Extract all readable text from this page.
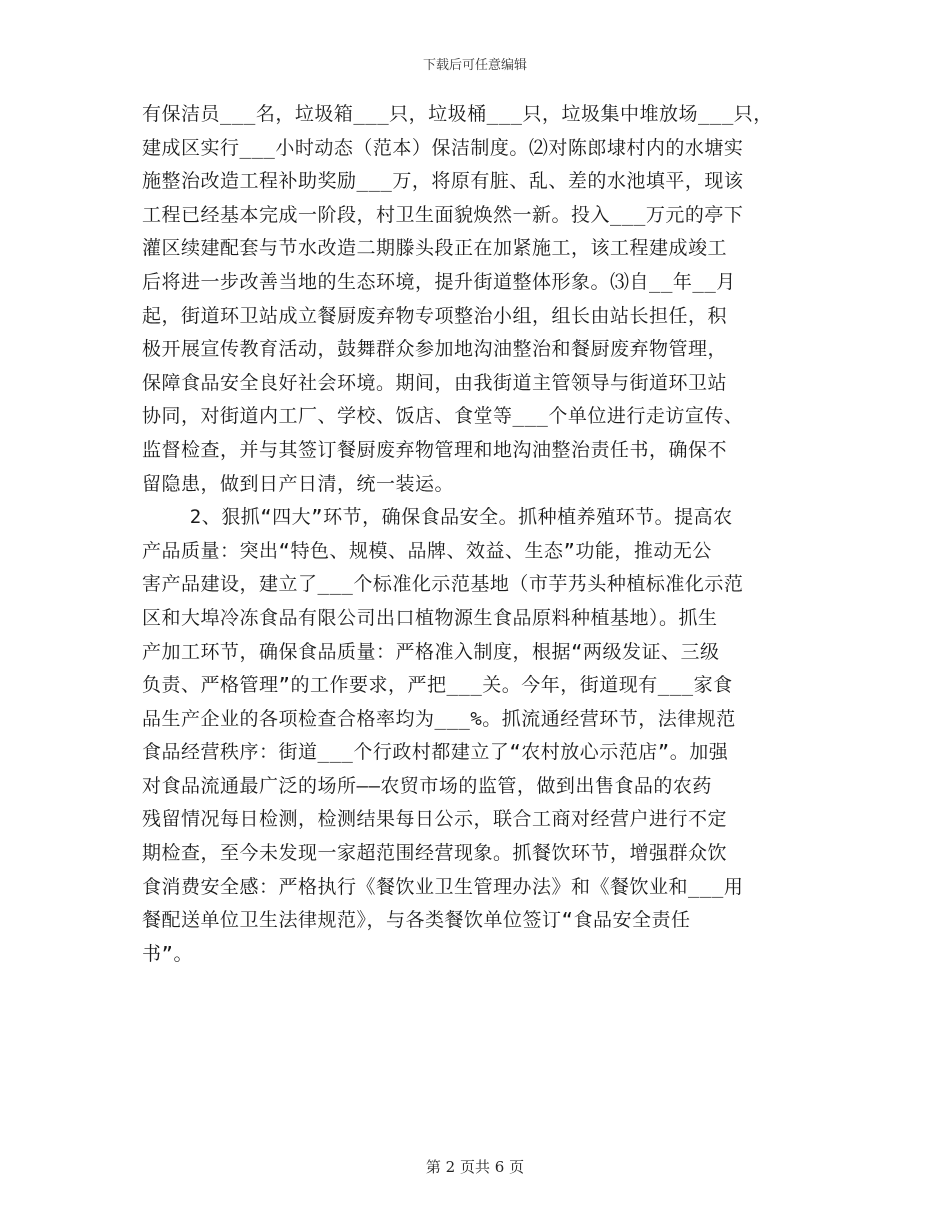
下载后可任意编辑
有保洁员___名，垃圾箱___只，垃圾桶___只，垃圾集中堆放场___只，
建成区实行___小时动态（范本）保洁制度。⑵对陈郎埭村内的水塘实
施整治改造工程补助奖励___万，将原有脏、乱、差的水池填平，现该
工程已经基本完成一阶段，村卫生面貌焕然一新。投入___万元的亭下
灌区续建配套与节水改造二期滕头段正在加紧施工，该工程建成竣工
后将进一步改善当地的生态环境，提升街道整体形象。⑶自__年__月
起，街道环卫站成立餐厨废弃物专项整治小组，组长由站长担任，积
极开展宣传教育活动，鼓舞群众参加地沟油整治和餐厨废弃物管理，
保障食品安全良好社会环境。期间，由我街道主管领导与街道环卫站
协同，对街道内工厂、学校、饭店、食堂等___个单位进行走访宣传、
监督检查，并与其签订餐厨废弃物管理和地沟油整治责任书，确保不
留隐患，做到日产日清，统一装运。
2、狠抓“四大”环节，确保食品安全。抓种植养殖环节。提高农
产品质量：突出“特色、规模、品牌、效益、生态”功能，推动无公
害产品建设，建立了___个标准化示范基地（市芋艿头种植标准化示范
区和大埠冷冻食品有限公司出口植物源生食品原料种植基地）。抓生
产加工环节，确保食品质量：严格准入制度，根据“两级发证、三级
负责、严格管理”的工作要求，严把___关。今年，街道现有___家食
品生产企业的各项检查合格率均为___%。抓流通经营环节，法律规范
食品经营秩序：街道___个行政村都建立了“农村放心示范店”。加强
对食品流通最广泛的场所——农贸市场的监管，做到出售食品的农药
残留情况每日检测，检测结果每日公示，联合工商对经营户进行不定
期检查，至今未发现一家超范围经营现象。抓餐饮环节，增强群众饮
食消费安全感：严格执行《餐饮业卫生管理办法》和《餐饮业和___用
餐配送单位卫生法律规范》，与各类餐饮单位签订“食品安全责任
书”。
第 2 页共 6 页
